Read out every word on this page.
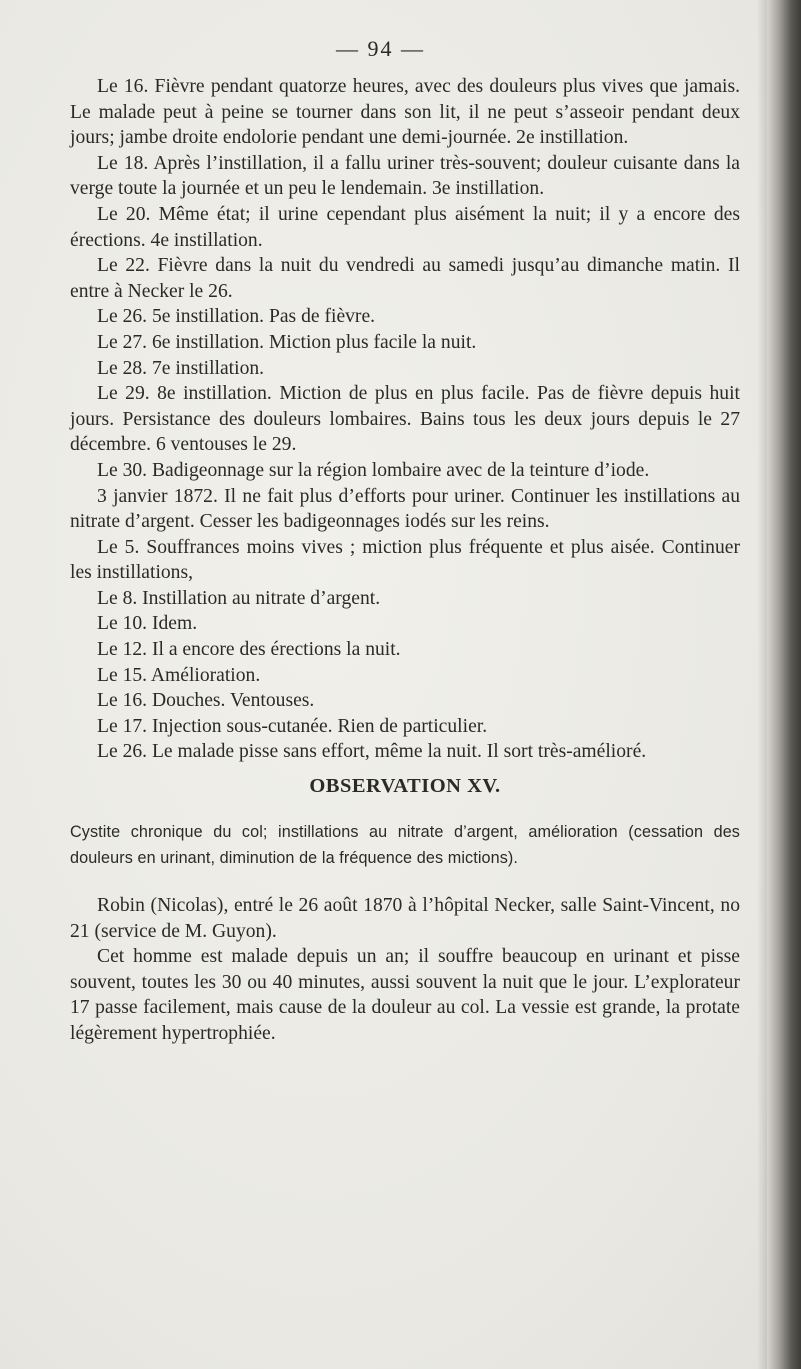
— 94 —

Le 16. Fièvre pendant quatorze heures, avec des douleurs plus vives que jamais. Le malade peut à peine se tourner dans son lit, il ne peut s’asseoir pendant deux jours; jambe droite endolorie pendant une demi-journée. 2e instillation.

Le 18. Après l’instillation, il a fallu uriner très-souvent; douleur cuisante dans la verge toute la journée et un peu le lendemain. 3e instillation.

Le 20. Même état; il urine cependant plus aisément la nuit; il y a encore des érections. 4e instillation.

Le 22. Fièvre dans la nuit du vendredi au samedi jusqu’au dimanche matin. Il entre à Necker le 26.

Le 26. 5e instillation. Pas de fièvre.

Le 27. 6e instillation. Miction plus facile la nuit.

Le 28. 7e instillation.

Le 29. 8e instillation. Miction de plus en plus facile. Pas de fièvre depuis huit jours. Persistance des douleurs lombaires. Bains tous les deux jours depuis le 27 décembre. 6 ventouses le 29.

Le 30. Badigeonnage sur la région lombaire avec de la teinture d’iode.

3 janvier 1872. Il ne fait plus d’efforts pour uriner. Continuer les instillations au nitrate d’argent. Cesser les badigeonnages iodés sur les reins.

Le 5. Souffrances moins vives ; miction plus fréquente et plus aisée. Continuer les instillations,

Le 8. Instillation au nitrate d’argent.

Le 10. Idem.

Le 12. Il a encore des érections la nuit.

Le 15. Amélioration.

Le 16. Douches. Ventouses.

Le 17. Injection sous-cutanée. Rien de particulier.

Le 26. Le malade pisse sans effort, même la nuit. Il sort très-amélioré.

OBSERVATION XV.

Cystite chronique du col; instillations au nitrate d’argent, amélioration (cessation des douleurs en urinant, diminution de la fréquence des mictions).

Robin (Nicolas), entré le 26 août 1870 à l’hôpital Necker, salle Saint-Vincent, no 21 (service de M. Guyon).

Cet homme est malade depuis un an; il souffre beaucoup en urinant et pisse souvent, toutes les 30 ou 40 minutes, aussi souvent la nuit que le jour. L’explorateur 17 passe facilement, mais cause de la douleur au col. La vessie est grande, la protate légèrement hypertrophiée.
